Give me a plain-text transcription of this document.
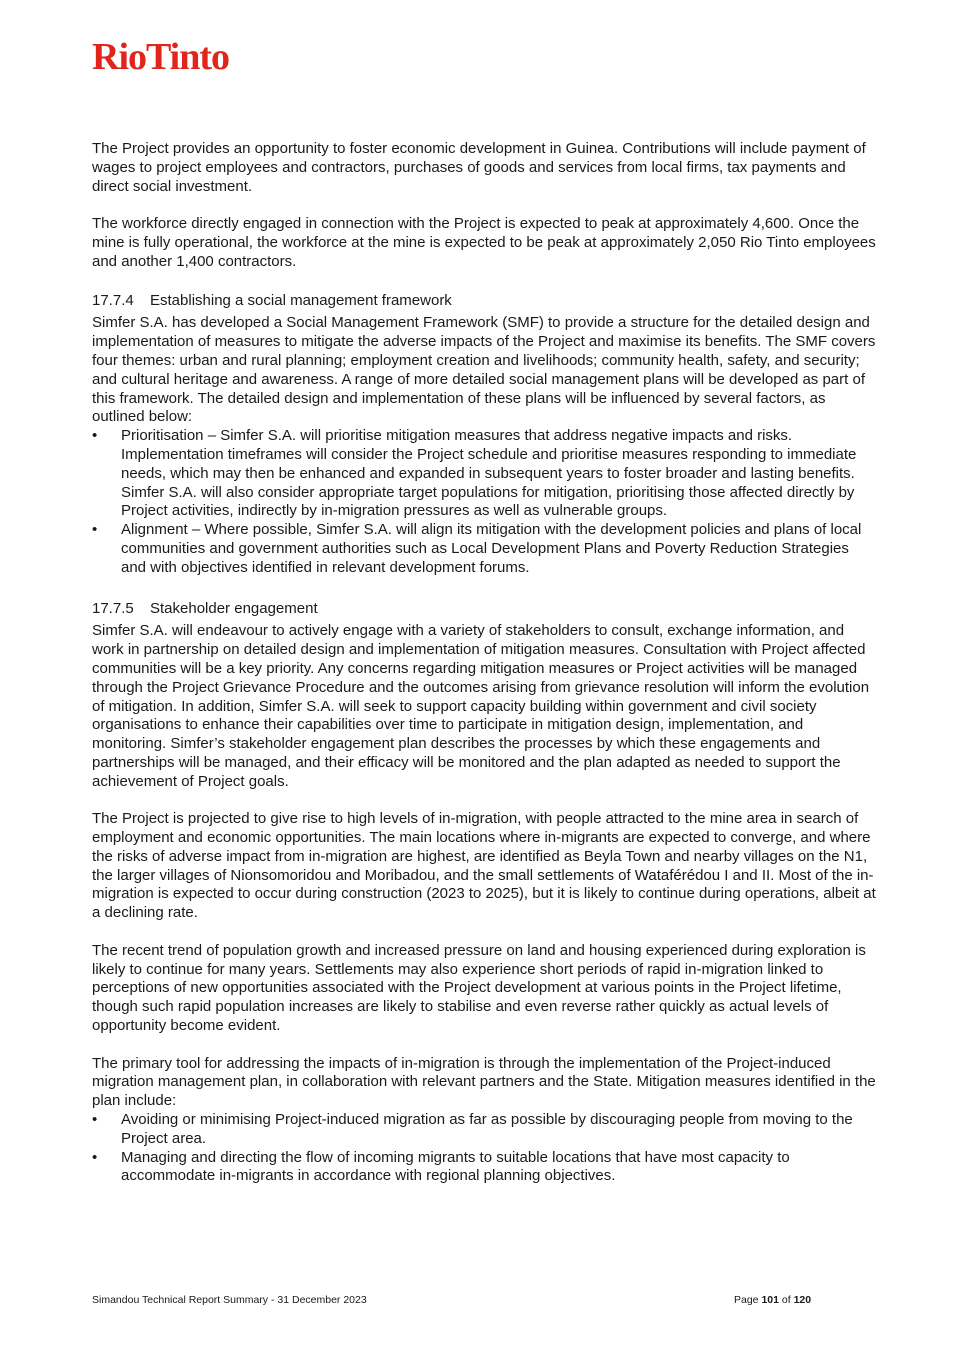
RioTinto

The Project provides an opportunity to foster economic development in Guinea. Contributions will include payment of wages to project employees and contractors, purchases of goods and services from local firms, tax payments and direct social investment.

The workforce directly engaged in connection with the Project is expected to peak at approximately 4,600. Once the mine is fully operational, the workforce at the mine is expected to be peak at approximately 2,050 Rio Tinto employees and another 1,400 contractors.

17.7.4 Establishing a social management framework

Simfer S.A. has developed a Social Management Framework (SMF) to provide a structure for the detailed design and implementation of measures to mitigate the adverse impacts of the Project and maximise its benefits. The SMF covers four themes: urban and rural planning; employment creation and livelihoods; community health, safety, and security; and cultural heritage and awareness. A range of more detailed social management plans will be developed as part of this framework. The detailed design and implementation of these plans will be influenced by several factors, as outlined below:

• Prioritisation – Simfer S.A. will prioritise mitigation measures that address negative impacts and risks. Implementation timeframes will consider the Project schedule and prioritise measures responding to immediate needs, which may then be enhanced and expanded in subsequent years to foster broader and lasting benefits. Simfer S.A. will also consider appropriate target populations for mitigation, prioritising those affected directly by Project activities, indirectly by in-migration pressures as well as vulnerable groups.
• Alignment – Where possible, Simfer S.A. will align its mitigation with the development policies and plans of local communities and government authorities such as Local Development Plans and Poverty Reduction Strategies and with objectives identified in relevant development forums.

17.7.5 Stakeholder engagement

Simfer S.A. will endeavour to actively engage with a variety of stakeholders to consult, exchange information, and work in partnership on detailed design and implementation of mitigation measures. Consultation with Project affected communities will be a key priority. Any concerns regarding mitigation measures or Project activities will be managed through the Project Grievance Procedure and the outcomes arising from grievance resolution will inform the evolution of mitigation. In addition, Simfer S.A. will seek to support capacity building within government and civil society organisations to enhance their capabilities over time to participate in mitigation design, implementation, and monitoring. Simfer’s stakeholder engagement plan describes the processes by which these engagements and partnerships will be managed, and their efficacy will be monitored and the plan adapted as needed to support the achievement of Project goals.

The Project is projected to give rise to high levels of in-migration, with people attracted to the mine area in search of employment and economic opportunities. The main locations where in-migrants are expected to converge, and where the risks of adverse impact from in-migration are highest, are identified as Beyla Town and nearby villages on the N1, the larger villages of Nionsomoridou and Moribadou, and the small settlements of Wataférédou I and II. Most of the in-migration is expected to occur during construction (2023 to 2025), but it is likely to continue during operations, albeit at a declining rate.

The recent trend of population growth and increased pressure on land and housing experienced during exploration is likely to continue for many years. Settlements may also experience short periods of rapid in-migration linked to perceptions of new opportunities associated with the Project development at various points in the Project lifetime, though such rapid population increases are likely to stabilise and even reverse rather quickly as actual levels of opportunity become evident.

The primary tool for addressing the impacts of in-migration is through the implementation of the Project-induced migration management plan, in collaboration with relevant partners and the State. Mitigation measures identified in the plan include:

• Avoiding or minimising Project-induced migration as far as possible by discouraging people from moving to the Project area.
• Managing and directing the flow of incoming migrants to suitable locations that have most capacity to accommodate in-migrants in accordance with regional planning objectives.
Simandou Technical Report Summary - 31 December 2023	Page 101 of 120
